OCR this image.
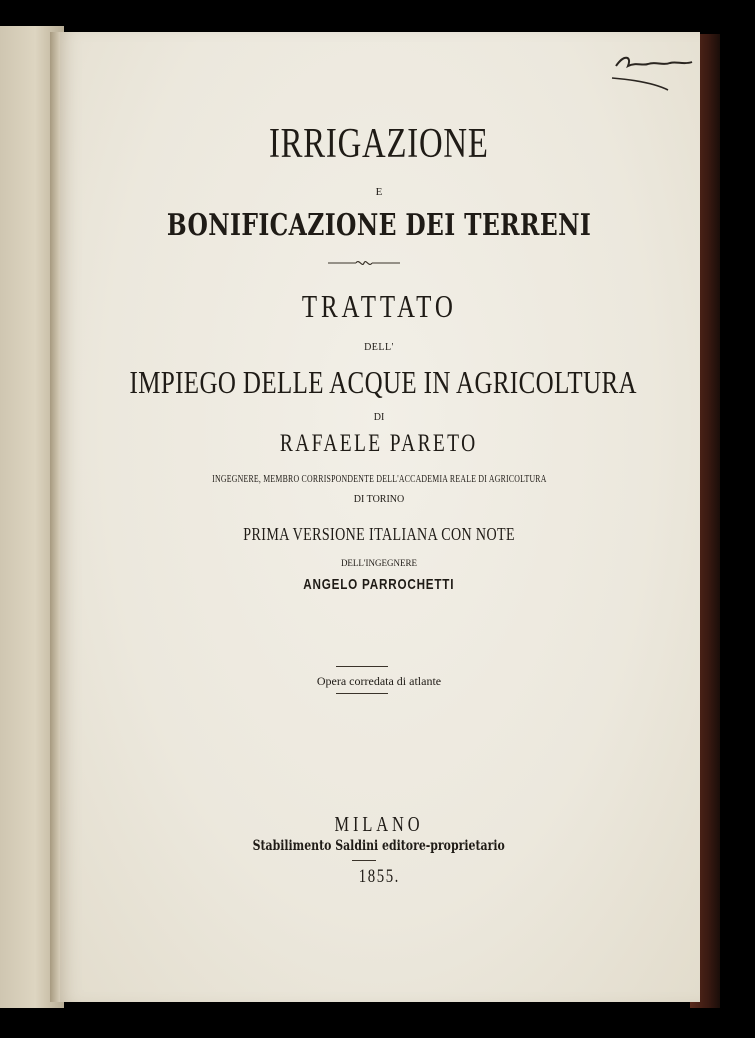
IRRIGAZIONE
E
BONIFICAZIONE DEI TERRENI
TRATTATO
DELL'
IMPIEGO DELLE ACQUE IN AGRICOLTURA
DI
RAFAELE PARETO
INGEGNERE, MEMBRO CORRISPONDENTE DELL'ACCADEMIA REALE DI AGRICOLTURA
DI TORINO
PRIMA VERSIONE ITALIANA CON NOTE
DELL'INGEGNERE
ANGELO PARROCHETTI
Opera corredata di atlante
MILANO
Stabilimento Saldini editore-proprietario
1855.
